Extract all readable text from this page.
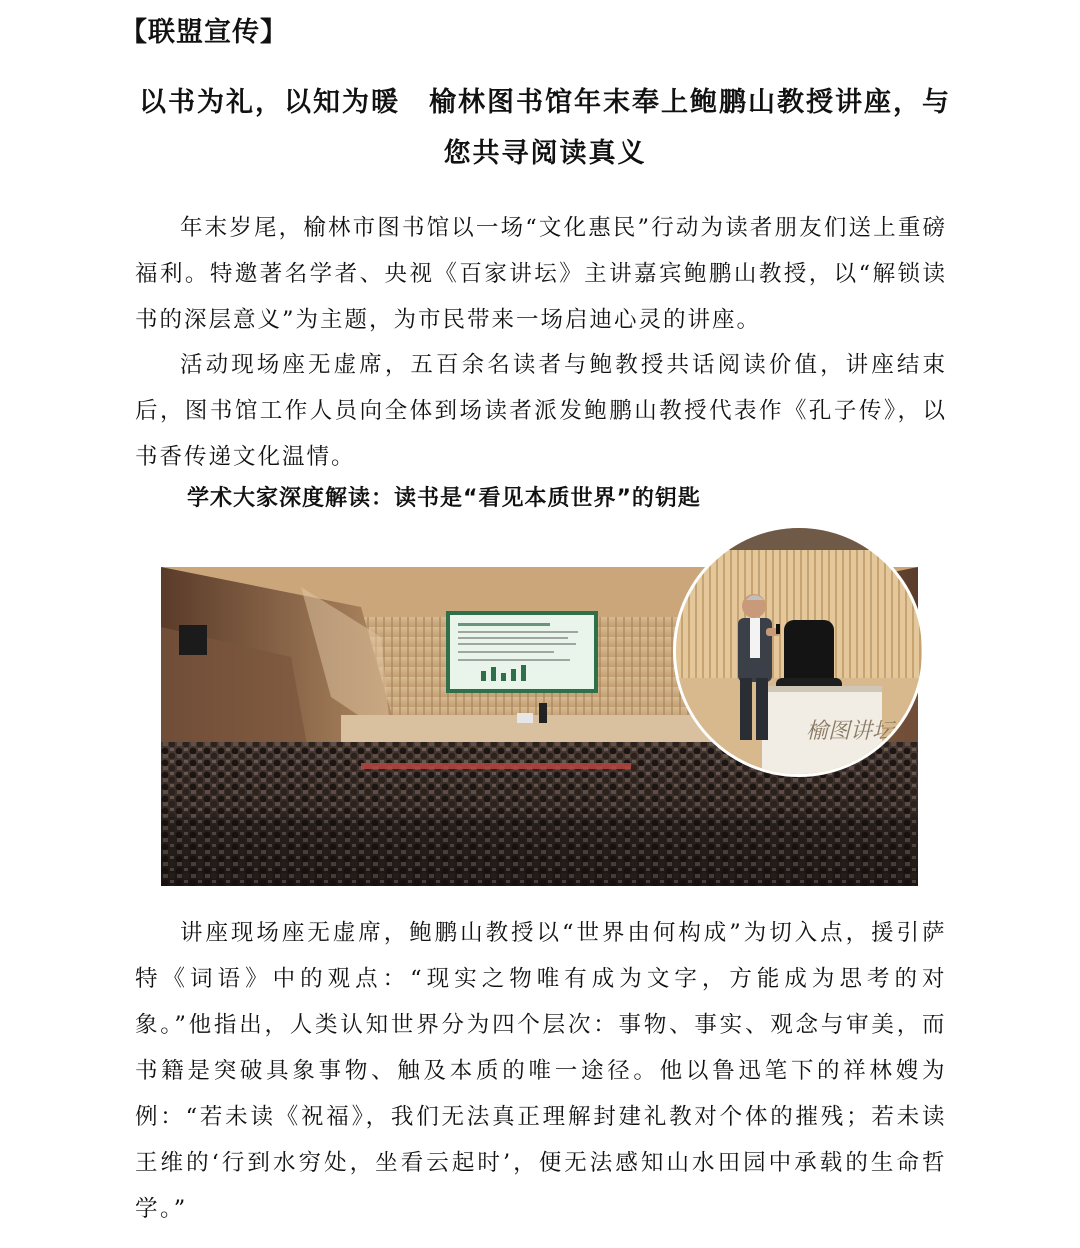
【联盟宣传】
以书为礼，以知为暖　榆林图书馆年末奉上鲍鹏山教授讲座，与
您共寻阅读真义

年末岁尾，榆林市图书馆以一场“文化惠民”行动为读者朋友们送上重磅福利。特邀著名学者、央视《百家讲坛》主讲嘉宾鲍鹏山教授，以“解锁读书的深层意义”为主题，为市民带来一场启迪心灵的讲座。

活动现场座无虚席，五百余名读者与鲍教授共话阅读价值，讲座结束后，图书馆工作人员向全体到场读者派发鲍鹏山教授代表作《孔子传》，以书香传递文化温情。

学术大家深度解读：读书是“看见本质世界”的钥匙
榆图讲坛

讲座现场座无虚席，鲍鹏山教授以“世界由何构成”为切入点，援引萨特《词语》中的观点：“现实之物唯有成为文字，方能成为思考的对象。”他指出，人类认知世界分为四个层次：事物、事实、观念与审美，而书籍是突破具象事物、触及本质的唯一途径。他以鲁迅笔下的祥林嫂为例：“若未读《祝福》，我们无法真正理解封建礼教对个体的摧残；若未读王维的‘行到水穷处，坐看云起时’，便无法感知山水田园中承载的生命哲学。”
